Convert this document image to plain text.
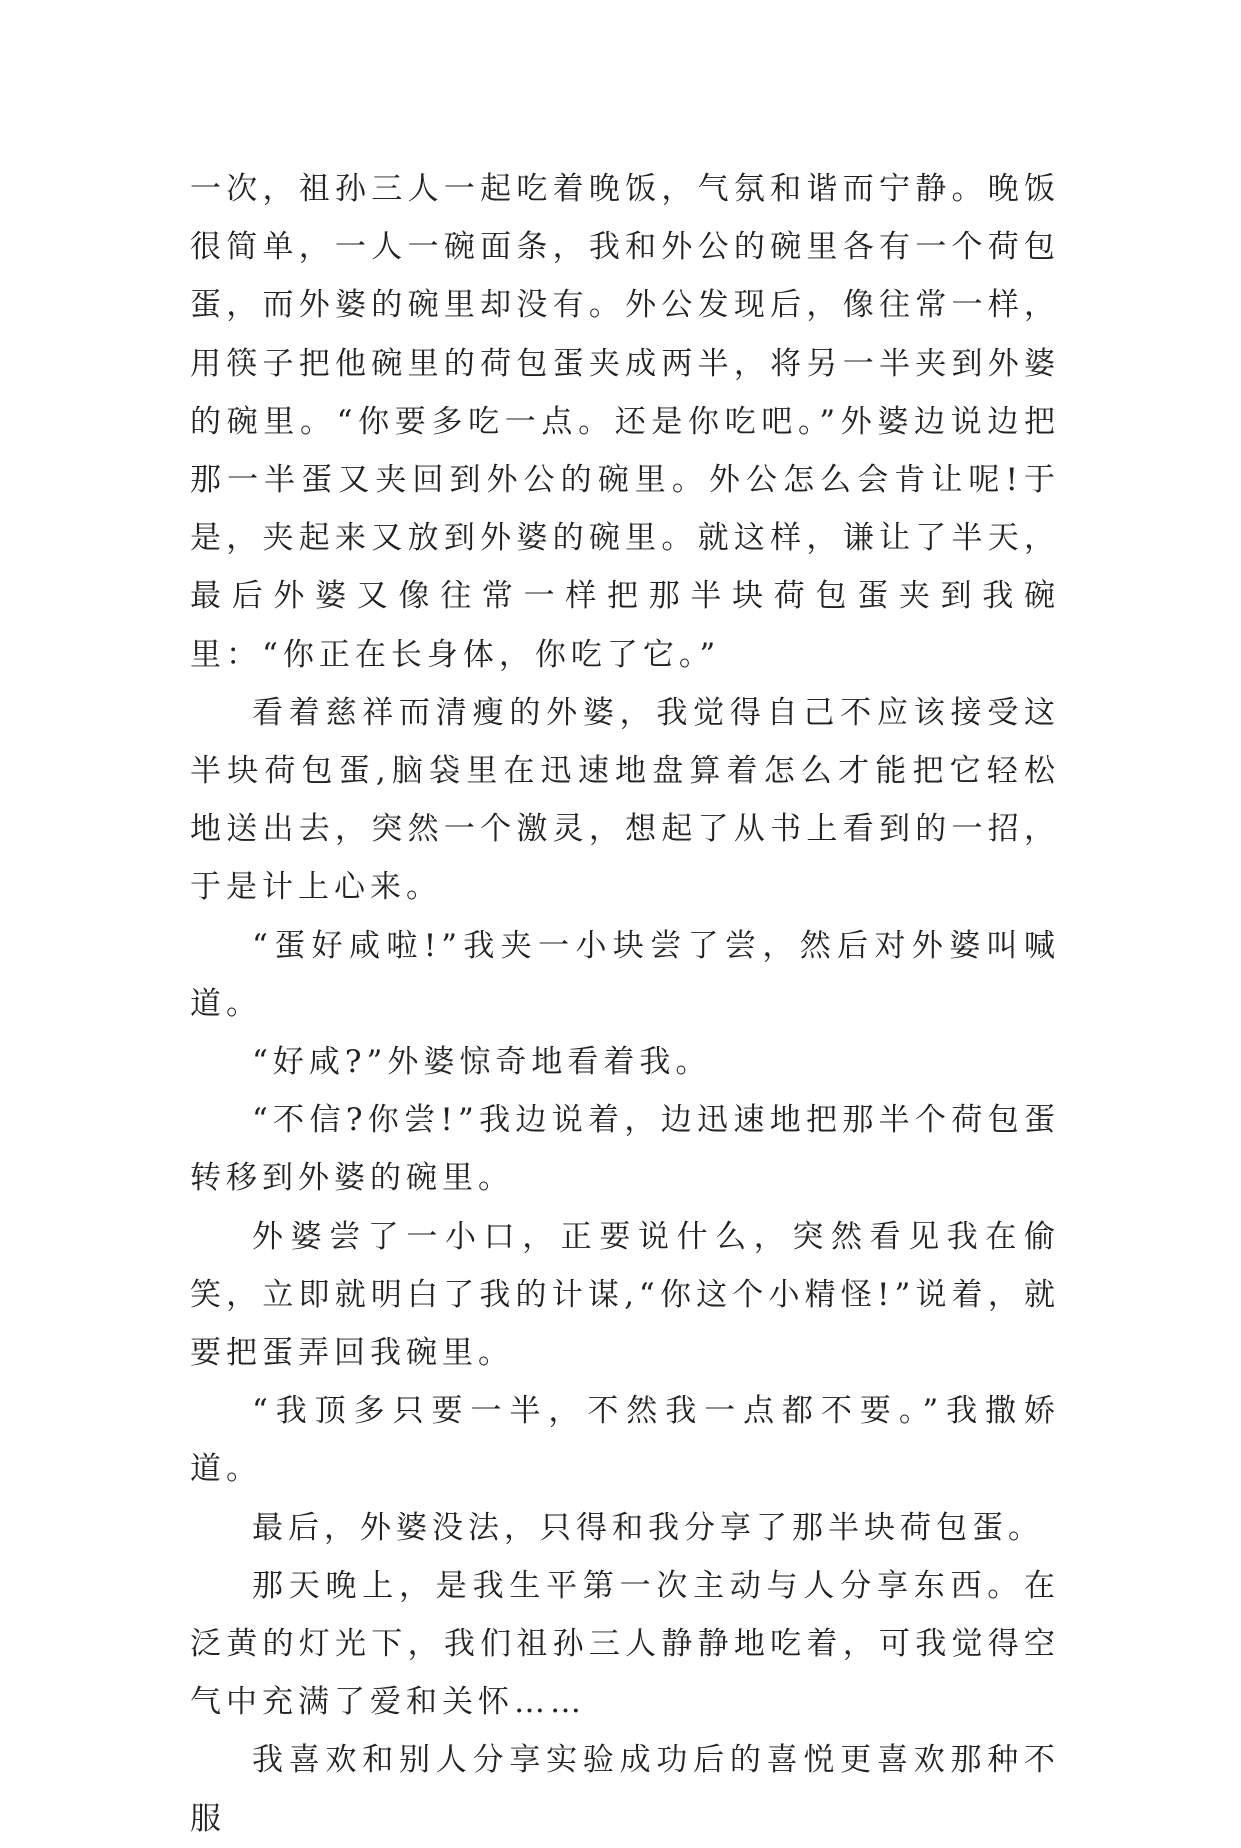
一次，祖孙三人一起吃着晚饭，气氛和谐而宁静。晚饭很简单，一人一碗面条，我和外公的碗里各有一个荷包蛋，而外婆的碗里却没有。外公发现后，像往常一样，用筷子把他碗里的荷包蛋夹成两半，将另一半夹到外婆的碗里。“你要多吃一点。还是你吃吧。”外婆边说边把那一半蛋又夹回到外公的碗里。外公怎么会肯让呢!于是，夹起来又放到外婆的碗里。就这样，谦让了半天，最后外婆又像往常一样把那半块荷包蛋夹到我碗里：“你正在长身体，你吃了它。”

看着慈祥而清瘦的外婆，我觉得自己不应该接受这半块荷包蛋,脑袋里在迅速地盘算着怎么才能把它轻松地送出去，突然一个激灵，想起了从书上看到的一招，于是计上心来。

“蛋好咸啦!”我夹一小块尝了尝，然后对外婆叫喊道。

“好咸?”外婆惊奇地看着我。

“不信?你尝!”我边说着，边迅速地把那半个荷包蛋转移到外婆的碗里。

外婆尝了一小口，正要说什么，突然看见我在偷笑，立即就明白了我的计谋,“你这个小精怪!”说着，就要把蛋弄回我碗里。

“我顶多只要一半，不然我一点都不要。”我撒娇道。

最后，外婆没法，只得和我分享了那半块荷包蛋。

那天晚上，是我生平第一次主动与人分享东西。在泛黄的灯光下，我们祖孙三人静静地吃着，可我觉得空气中充满了爱和关怀……

我喜欢和别人分享实验成功后的喜悦更喜欢那种不服
